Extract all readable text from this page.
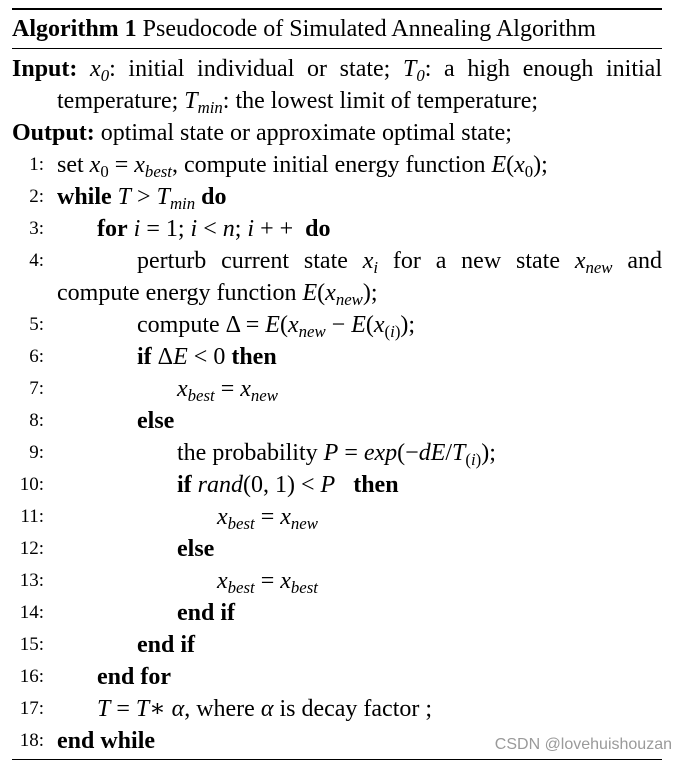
Algorithm 1 Pseudocode of Simulated Annealing Algorithm
Input: $x_0$: initial individual or state; $T_0$: a high enough initial temperature; $T_{min}$: the lowest limit of temperature;
Output: optimal state or approximate optimal state;
1: set $x_0 = x_{best}$, compute initial energy function $E(x_0)$;
2: while $T > T_{min}$ do
3: for i = 1; i < n; i + +  do
4:	perturb current state $x_i$ for a new state $x_{new}$ and compute energy function $E(x_{new})$;
5:	compute $\Delta = E(x_{new} - E(x_{(i)})$;
6:	if ΔE < 0 then
7:	$x_{best} = x_{new}$
8:	else
9:	the probability $P = \exp(-dE/T_{(i)})$;
10:	if rand(0, 1) < P then
11:	$x_{best} = x_{new}$
12:	else
13:	$x_{best} = x_{best}$
14:	end if
15:	end if
16: end for
17: T = T∗ α, where α is decay factor ;
18: end while	CSDN @lovehuishouzan
